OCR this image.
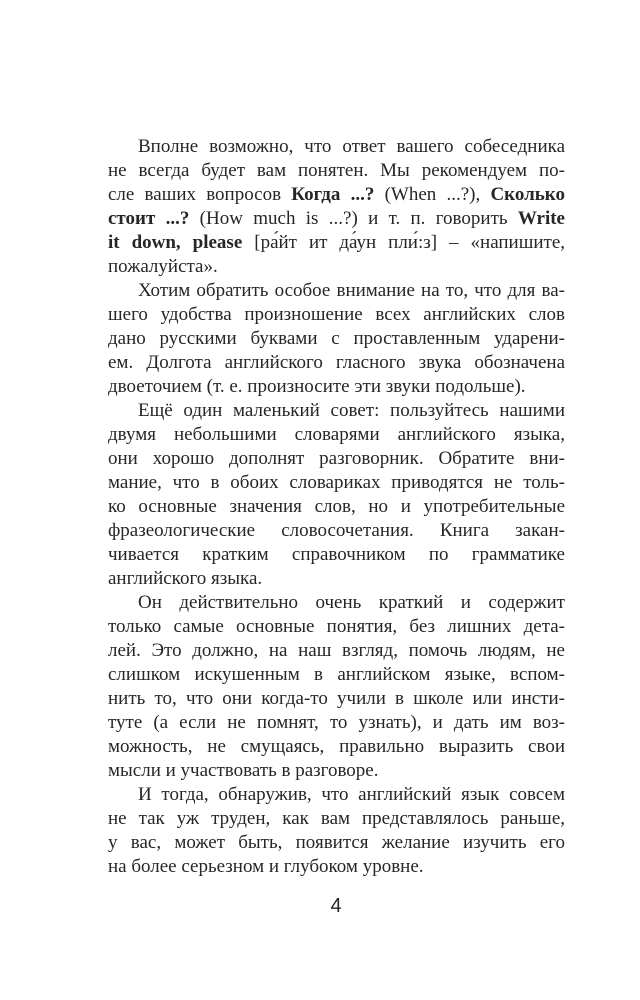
Вполне возможно, что ответ вашего собеседника
не всегда будет вам понятен. Мы рекомендуем по-
сле ваших вопросов Когда ...? (When ...?), Сколько
стоит ...? (How much is ...?) и т. п. говорить Write
it down, please [ра́йт ит да́ун пли́:з] – «напишите,
пожалуйста».
Хотим обратить особое внимание на то, что для ва-
шего удобства произношение всех английских слов
дано русскими буквами с проставленным ударени-
ем. Долгота английского гласного звука обозначена
двоеточием (т. е. произносите эти звуки подольше).
Ещё один маленький совет: пользуйтесь нашими
двумя небольшими словарями английского языка,
они хорошо дополнят разговорник. Обратите вни-
мание, что в обоих словариках приводятся не толь-
ко основные значения слов, но и употребительные
фразеологические словосочетания. Книга закан-
чивается кратким справочником по грамматике
английского языка.
Он действительно очень краткий и содержит
только самые основные понятия, без лишних дета-
лей. Это должно, на наш взгляд, помочь людям, не
слишком искушенным в английском языке, вспом-
нить то, что они когда-то учили в школе или инсти-
туте (а если не помнят, то узнать), и дать им воз-
можность, не смущаясь, правильно выразить свои
мысли и участвовать в разговоре.
И тогда, обнаружив, что английский язык совсем
не так уж труден, как вам представлялось раньше,
у вас, может быть, появится желание изучить его
на более серьезном и глубоком уровне.
4
